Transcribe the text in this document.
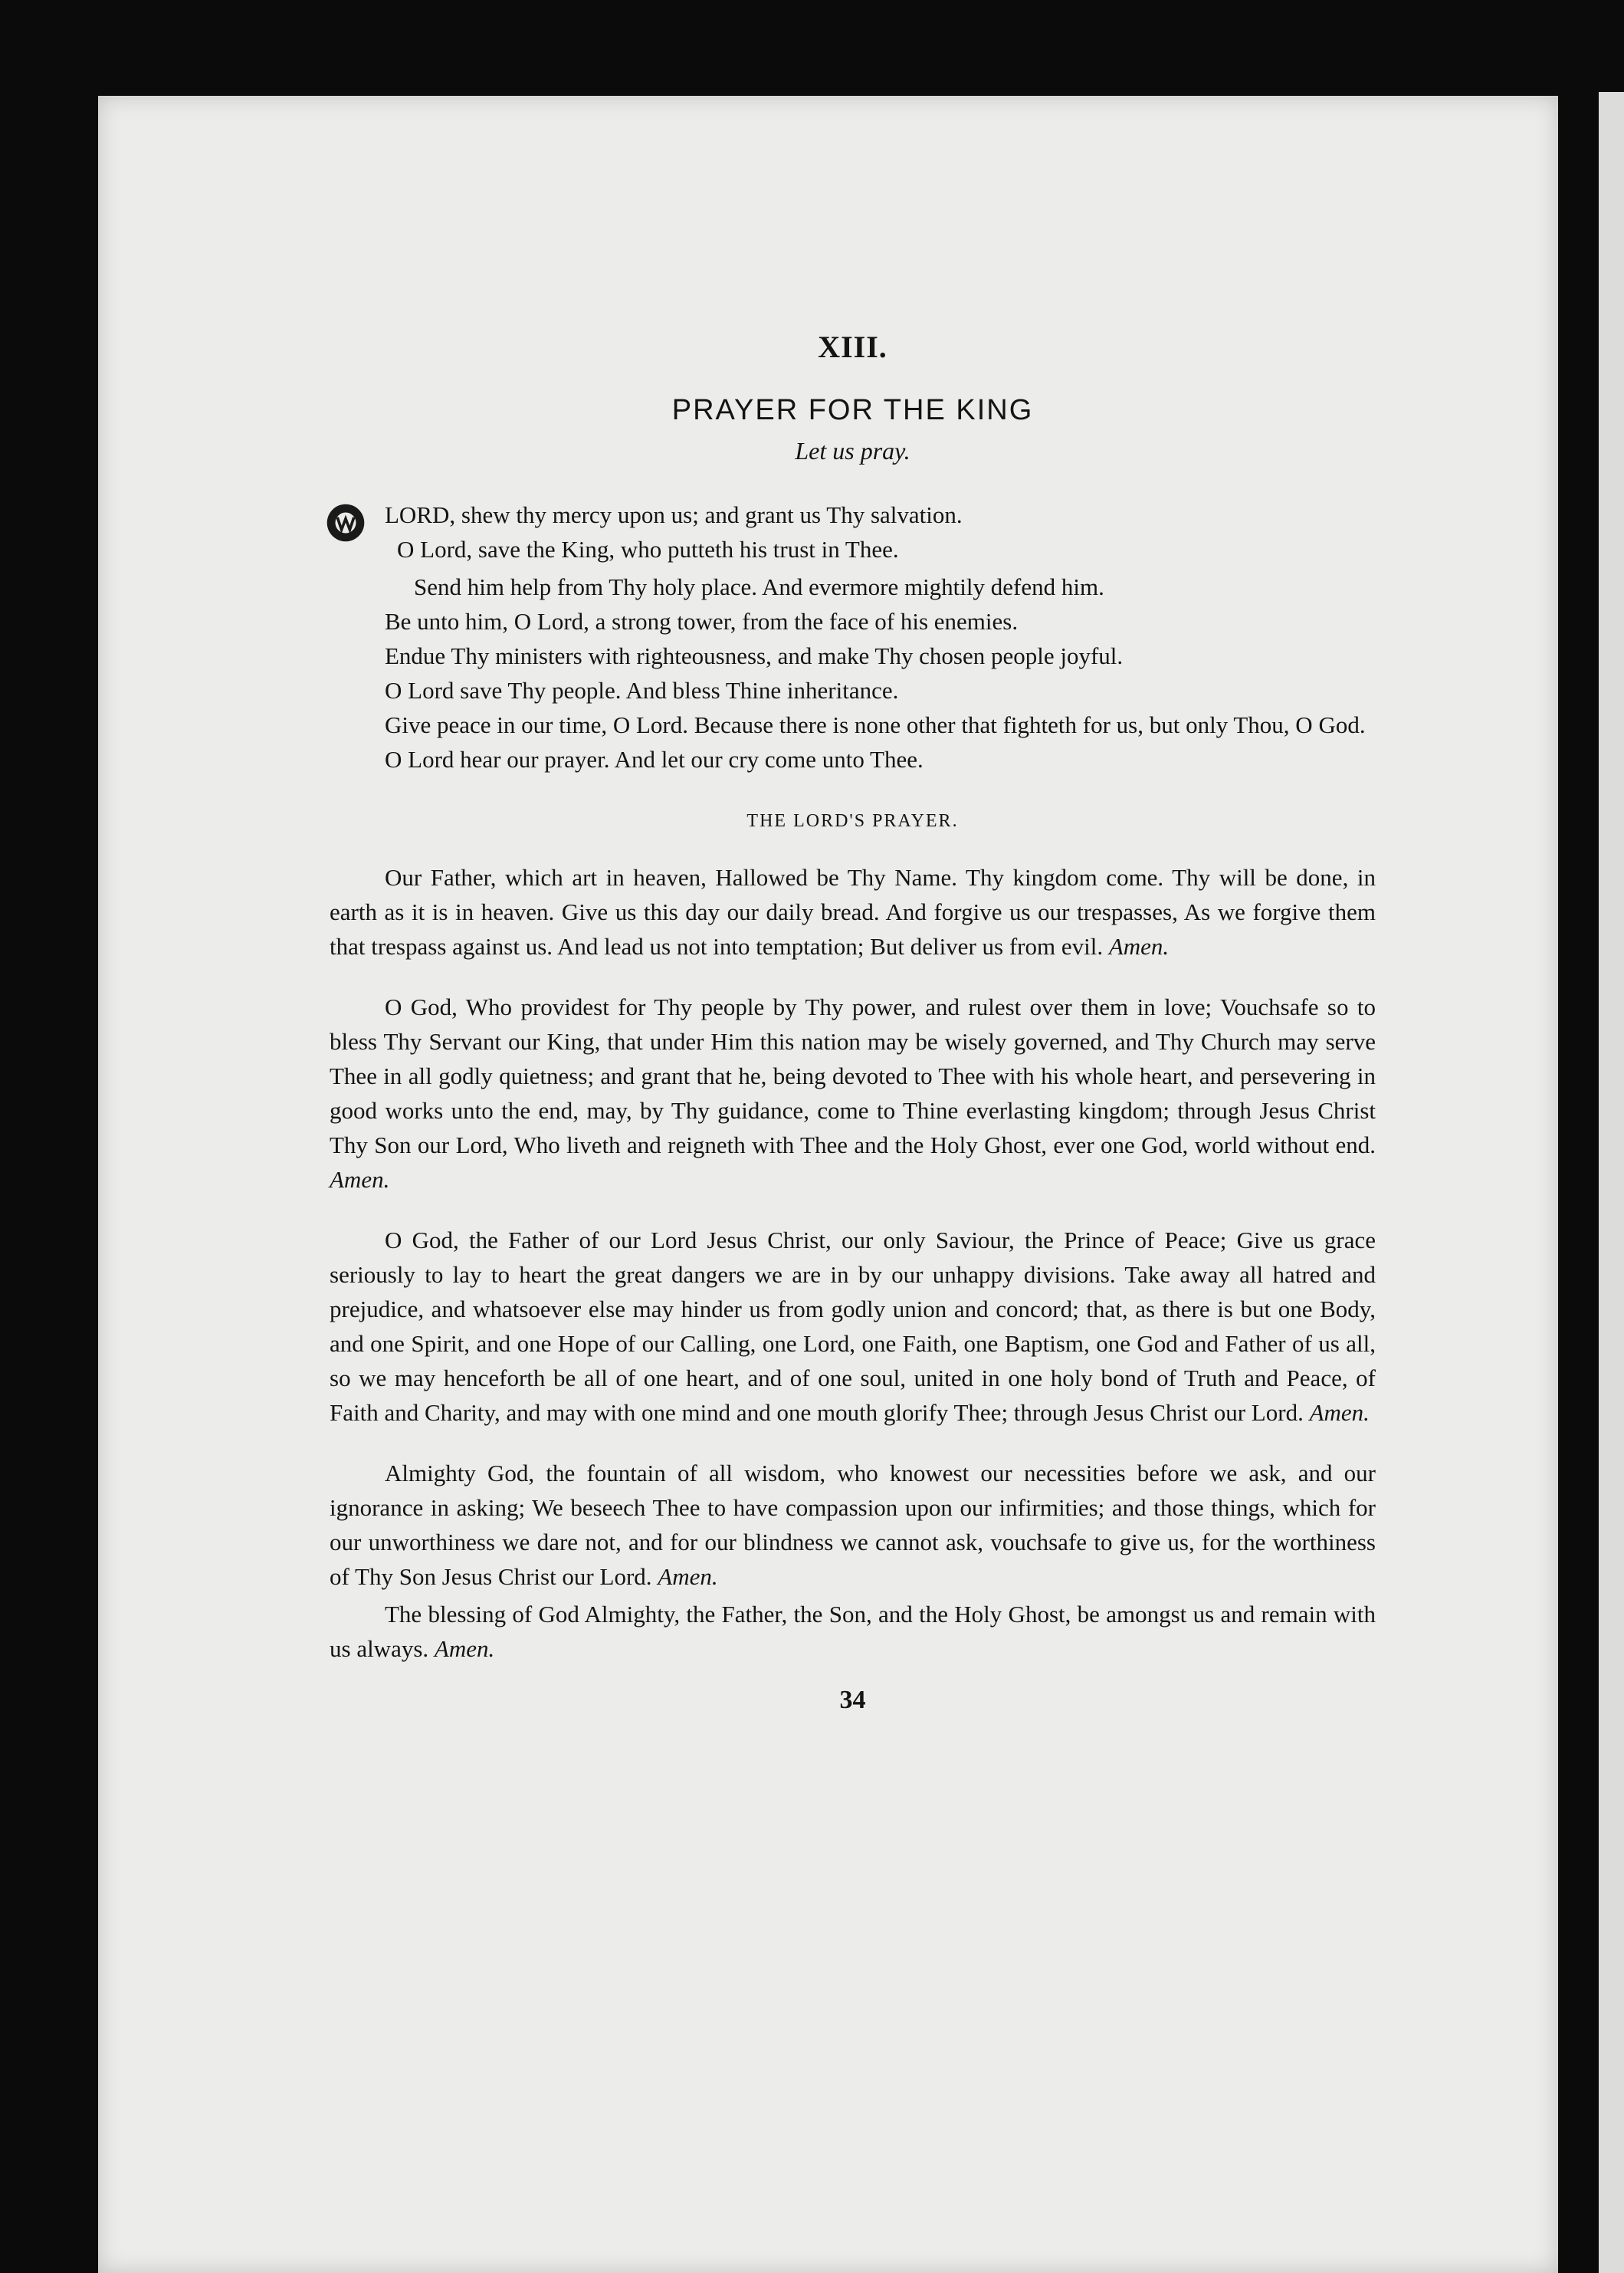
XIII.
PRAYER FOR THE KING
Let us pray.

LORD, shew thy mercy upon us; and grant us Thy salvation.

O Lord, save the King, who putteth his trust in Thee.

Send him help from Thy holy place. And evermore mightily defend him.

Be unto him, O Lord, a strong tower, from the face of his enemies.

Endue Thy ministers with righteousness, and make Thy chosen people joyful.

O Lord save Thy people. And bless Thine inheritance.

Give peace in our time, O Lord. Because there is none other that fighteth for us, but only Thou, O God.

O Lord hear our prayer. And let our cry come unto Thee.

THE LORD'S PRAYER.

Our Father, which art in heaven, Hallowed be Thy Name. Thy kingdom come. Thy will be done, in earth as it is in heaven. Give us this day our daily bread. And forgive us our trespasses, As we forgive them that trespass against us. And lead us not into temptation; But deliver us from evil. Amen.

O God, Who providest for Thy people by Thy power, and rulest over them in love; Vouchsafe so to bless Thy Servant our King, that under Him this nation may be wisely governed, and Thy Church may serve Thee in all godly quietness; and grant that he, being devoted to Thee with his whole heart, and persevering in good works unto the end, may, by Thy guidance, come to Thine everlasting kingdom; through Jesus Christ Thy Son our Lord, Who liveth and reigneth with Thee and the Holy Ghost, ever one God, world without end. Amen.

O God, the Father of our Lord Jesus Christ, our only Saviour, the Prince of Peace; Give us grace seriously to lay to heart the great dangers we are in by our unhappy divisions. Take away all hatred and prejudice, and whatsoever else may hinder us from godly union and concord; that, as there is but one Body, and one Spirit, and one Hope of our Calling, one Lord, one Faith, one Baptism, one God and Father of us all, so we may henceforth be all of one heart, and of one soul, united in one holy bond of Truth and Peace, of Faith and Charity, and may with one mind and one mouth glorify Thee; through Jesus Christ our Lord. Amen.

Almighty God, the fountain of all wisdom, who knowest our necessities before we ask, and our ignorance in asking; We beseech Thee to have compassion upon our infirmities; and those things, which for our unworthiness we dare not, and for our blindness we cannot ask, vouchsafe to give us, for the worthiness of Thy Son Jesus Christ our Lord. Amen.

The blessing of God Almighty, the Father, the Son, and the Holy Ghost, be amongst us and remain with us always. Amen.

34
